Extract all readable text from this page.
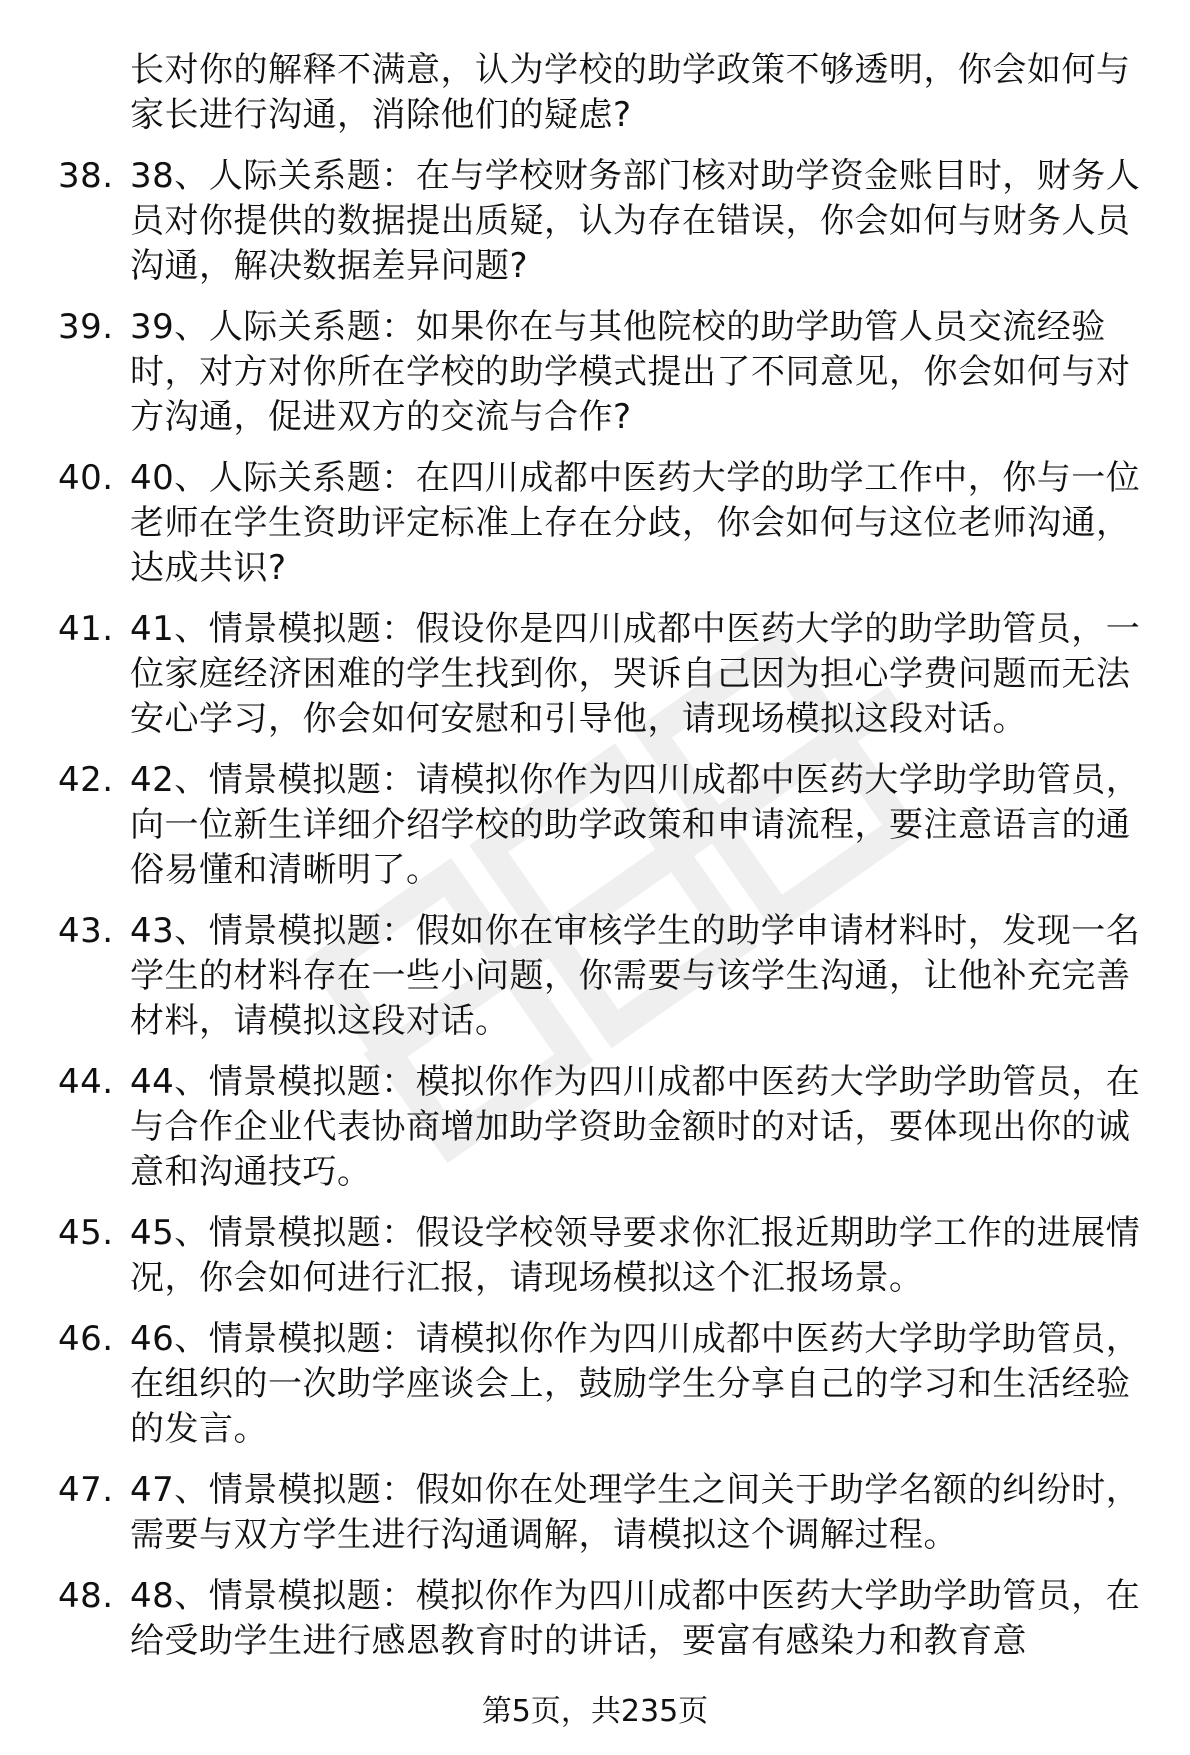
长对你的解释不满意，认为学校的助学政策不够透明，你会如何与家长进行沟通，消除他们的疑虑?
38. 38、人际关系题：在与学校财务部门核对助学资金账目时，财务人员对你提供的数据提出质疑，认为存在错误，你会如何与财务人员沟通，解决数据差异问题?
39. 39、人际关系题：如果你在与其他院校的助学助管人员交流经验时，对方对你所在学校的助学模式提出了不同意见，你会如何与对方沟通，促进双方的交流与合作?
40. 40、人际关系题：在四川成都中医药大学的助学工作中，你与一位老师在学生资助评定标准上存在分歧，你会如何与这位老师沟通，达成共识?
41. 41、情景模拟题：假设你是四川成都中医药大学的助学助管员，一位家庭经济困难的学生找到你，哭诉自己因为担心学费问题而无法安心学习，你会如何安慰和引导他，请现场模拟这段对话。
42. 42、情景模拟题：请模拟你作为四川成都中医药大学助学助管员，向一位新生详细介绍学校的助学政策和申请流程，要注意语言的通俗易懂和清晰明了。
43. 43、情景模拟题：假如你在审核学生的助学申请材料时，发现一名学生的材料存在一些小问题，你需要与该学生沟通，让他补充完善材料，请模拟这段对话。
44. 44、情景模拟题：模拟你作为四川成都中医药大学助学助管员，在与合作企业代表协商增加助学资助金额时的对话，要体现出你的诚意和沟通技巧。
45. 45、情景模拟题：假设学校领导要求你汇报近期助学工作的进展情况，你会如何进行汇报，请现场模拟这个汇报场景。
46. 46、情景模拟题：请模拟你作为四川成都中医药大学助学助管员，在组织的一次助学座谈会上，鼓励学生分享自己的学习和生活经验的发言。
47. 47、情景模拟题：假如你在处理学生之间关于助学名额的纠纷时，需要与双方学生进行沟通调解，请模拟这个调解过程。
48. 48、情景模拟题：模拟你作为四川成都中医药大学助学助管员，在给受助学生进行感恩教育时的讲话，要富有感染力和教育意
第5页，共235页
